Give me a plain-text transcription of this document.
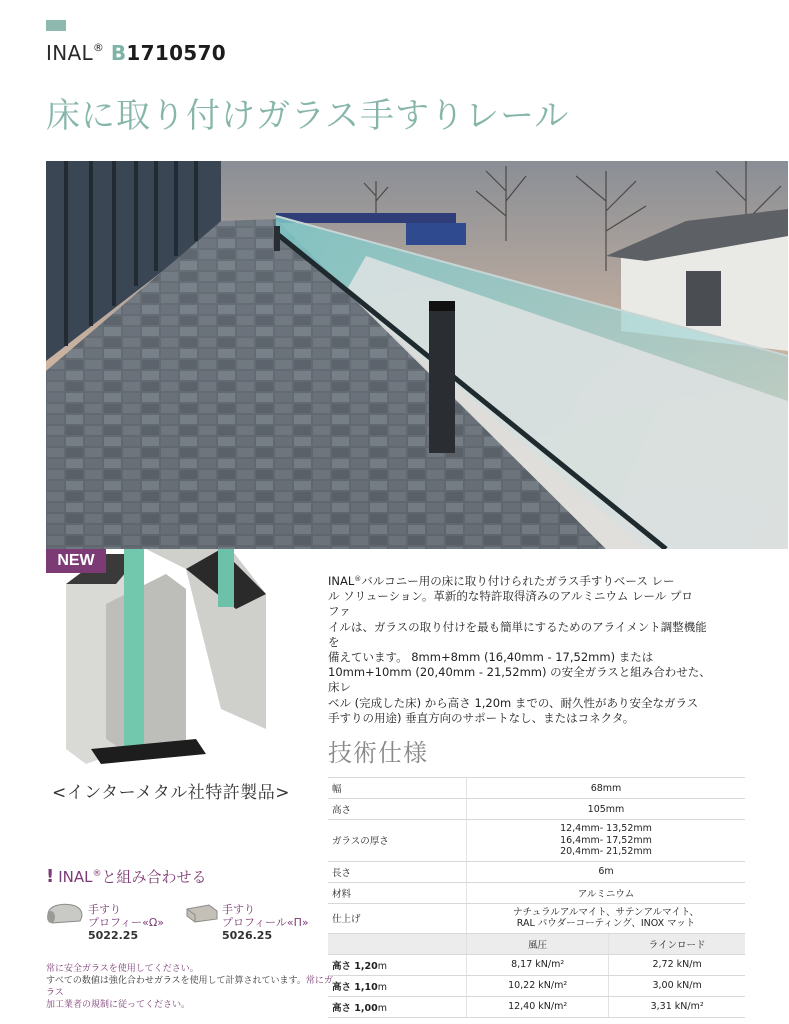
INAL® B1710570
床に取り付けガラス手すりレール
NEW
<インターメタル社特許製品>
! INAL®と組み合わせる
手すり
プロフィー«Ω»
5022.25
手すり
プロフィール«П»
5026.25
常に安全ガラスを使用してください。
すべての数値は強化合わせガラスを使用して計算されています。常にガラス
加工業者の規制に従ってください。

INAL®バルコニー用の床に取り付けられたガラス手すりベース レー

ル ソリューション。革新的な特許取得済みのアルミニウム レール プロ

ファ

イルは、ガラスの取り付けを最も簡単にするためのアライメント調整機能

を

備えています。 8mm+8mm (16,40mm - 17,52mm) または

10mm+10mm (20,40mm - 21,52mm) の安全ガラスと組み合わせた、

床レ

ベル (完成した床) から高さ 1,20m までの、耐久性があり安全なガラス

手すりの用途) 垂直方向のサポートなし、またはコネクタ。

技術仕様
幅	68mm	
高さ	105mm	
ガラスの厚さ	12,4mm- 13,52mm
16,4mm- 17,52mm
20,4mm- 21,52mm	

長さ	6m	
材料	アルミニウム	
仕上げ	ナチュラルアルマイト、サテンアルマイト、
RAL パウダーコーティング、INOX マット	

	風圧	ラインロード
高さ 1,20m	8,17 kN/m²	2,72 kN/m
高さ 1,10m	10,22 kN/m²	3,00 kN/m
高さ 1,00m	12,40 kN/m²	3,31 kN/m²
